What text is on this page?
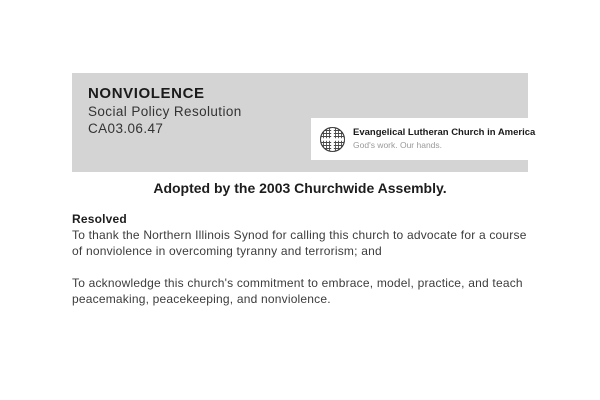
NONVIOLENCE
Social Policy Resolution
CA03.06.47	Evangelical Lutheran Church in America
God's work. Our hands.
Adopted by the 2003 Churchwide Assembly.

Resolved

To thank the Northern Illinois Synod for calling this church to advocate for a course of nonviolence in overcoming tyranny and terrorism; and

To acknowledge this church's commitment to embrace, model, practice, and teach peacemaking, peacekeeping, and nonviolence.
